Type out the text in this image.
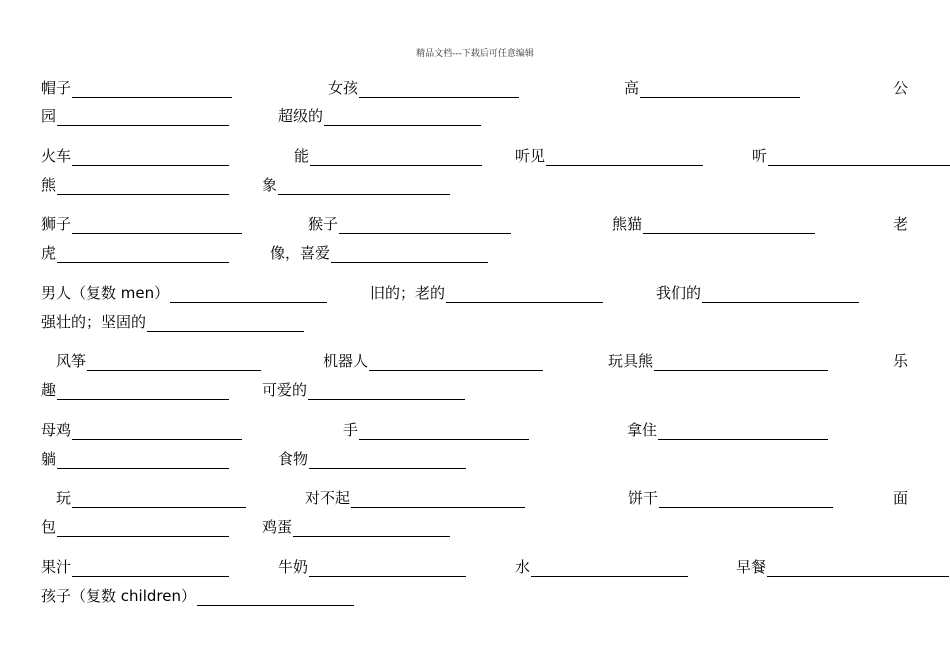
精品文档---下载后可任意编辑
帽子	女孩	高	公
园	超级的
火车	能	听见	听
熊	象
狮子	猴子	熊猫	老
虎	像，喜爱
男人（复数 men）	旧的；老的	我们的
强壮的；坚固的
风筝	机器人	玩具熊	乐
趣	可爱的
母鸡	手	拿住
躺	食物
玩	对不起	饼干	面
包	鸡蛋
果汁	牛奶	水	早餐
孩子（复数 children）
